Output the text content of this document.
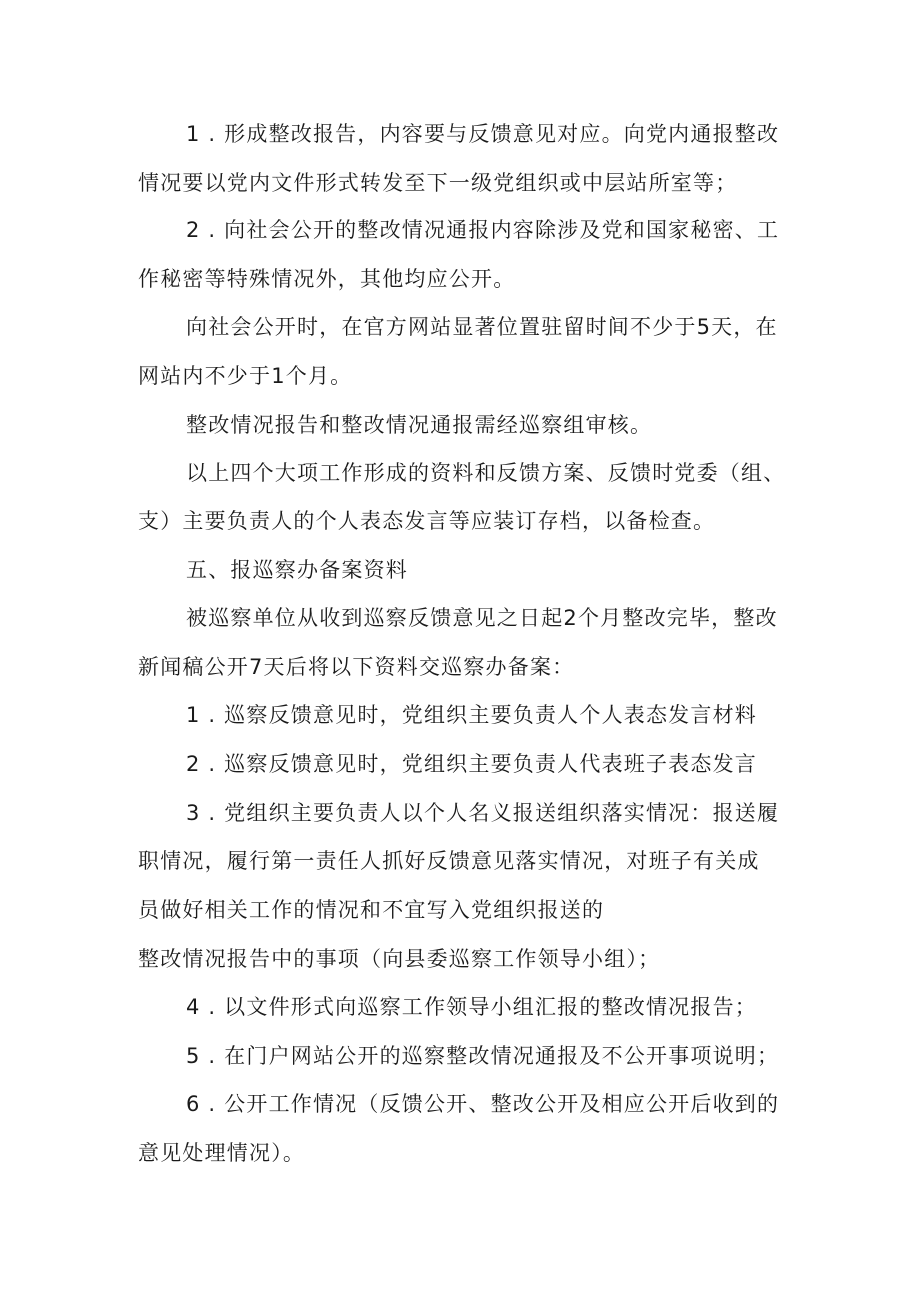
1 . 形成整改报告，内容要与反馈意见对应。向党内通报整改
情况要以党内文件形式转发至下一级党组织或中层站所室等；
2 . 向社会公开的整改情况通报内容除涉及党和国家秘密、工
作秘密等特殊情况外，其他均应公开。
向社会公开时，在官方网站显著位置驻留时间不少于5天，在
网站内不少于1个月。
整改情况报告和整改情况通报需经巡察组审核。
以上四个大项工作形成的资料和反馈方案、反馈时党委（组、
支）主要负责人的个人表态发言等应装订存档，以备检查。
五、报巡察办备案资料
被巡察单位从收到巡察反馈意见之日起2个月整改完毕，整改
新闻稿公开7天后将以下资料交巡察办备案：
1 . 巡察反馈意见时，党组织主要负责人个人表态发言材料
2 . 巡察反馈意见时，党组织主要负责人代表班子表态发言
3 . 党组织主要负责人以个人名义报送组织落实情况：报送履
职情况，履行第一责任人抓好反馈意见落实情况，对班子有关成
员做好相关工作的情况和不宜写入党组织报送的
整改情况报告中的事项（向县委巡察工作领导小组）；
4 . 以文件形式向巡察工作领导小组汇报的整改情况报告；
5 . 在门户网站公开的巡察整改情况通报及不公开事项说明；
6 . 公开工作情况（反馈公开、整改公开及相应公开后收到的
意见处理情况）。
